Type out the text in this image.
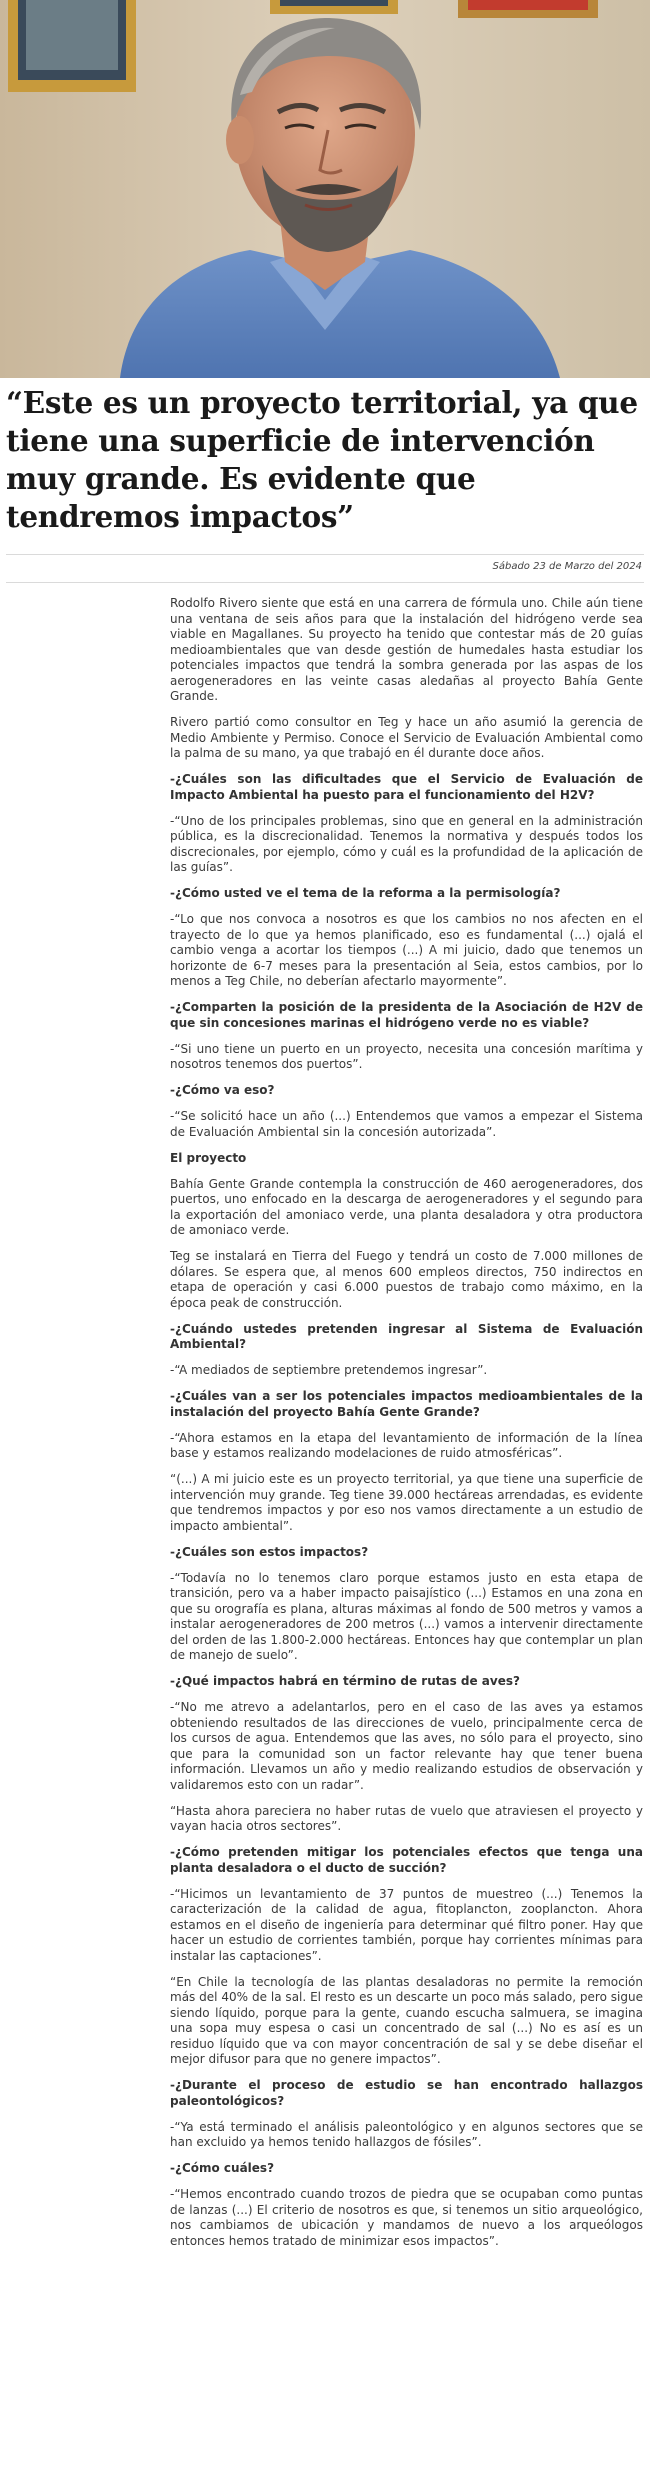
“Este es un proyecto territorial, ya que tiene una superficie de intervención muy grande. Es evidente que tendremos impactos”
Sábado 23 de Marzo del 2024

Rodolfo Rivero siente que está en una carrera de fórmula uno. Chile aún tiene una ventana de seis años para que la instalación del hidrógeno verde sea viable en Magallanes. Su proyecto ha tenido que contestar más de 20 guías medioambientales que van desde gestión de humedales hasta estudiar los potenciales impactos que tendrá la sombra generada por las aspas de los aerogeneradores en las veinte casas aledañas al proyecto Bahía Gente Grande.

Rivero partió como consultor en Teg y hace un año asumió la gerencia de Medio Ambiente y Permiso. Conoce el Servicio de Evaluación Ambiental como la palma de su mano, ya que trabajó en él durante doce años.

-¿Cuáles son las dificultades que el Servicio de Evaluación de Impacto Ambiental ha puesto para el funcionamiento del H2V?

-“Uno de los principales problemas, sino que en general en la administración pública, es la discrecionalidad. Tenemos la normativa y después todos los discrecionales, por ejemplo, cómo y cuál es la profundidad de la aplicación de las guías”.

-¿Cómo usted ve el tema de la reforma a la permisología?

-“Lo que nos convoca a nosotros es que los cambios no nos afecten en el trayecto de lo que ya hemos planificado, eso es fundamental (...) ojalá el cambio venga a acortar los tiempos (...) A mi juicio, dado que tenemos un horizonte de 6-7 meses para la presentación al Seia, estos cambios, por lo menos a Teg Chile, no deberían afectarlo mayormente”.

-¿Comparten la posición de la presidenta de la Asociación de H2V de que sin concesiones marinas el hidrógeno verde no es viable?

-“Si uno tiene un puerto en un proyecto, necesita una concesión marítima y nosotros tenemos dos puertos”.

-¿Cómo va eso?

-“Se solicitó hace un año (...) Entendemos que vamos a empezar el Sistema de Evaluación Ambiental sin la concesión autorizada”.

El proyecto

Bahía Gente Grande contempla la construcción de 460 aerogeneradores, dos puertos, uno enfocado en la descarga de aerogeneradores y el segundo para la exportación del amoniaco verde, una planta desaladora y otra productora de amoniaco verde.

Teg se instalará en Tierra del Fuego y tendrá un costo de 7.000 millones de dólares. Se espera que, al menos 600 empleos directos, 750 indirectos en etapa de operación y casi 6.000 puestos de trabajo como máximo, en la época peak de construcción.

-¿Cuándo ustedes pretenden ingresar al Sistema de Evaluación Ambiental?

-“A mediados de septiembre pretendemos ingresar”.

-¿Cuáles van a ser los potenciales impactos medioambientales de la instalación del proyecto Bahía Gente Grande?

-“Ahora estamos en la etapa del levantamiento de información de la línea base y estamos realizando modelaciones de ruido atmosféricas”.

“(...) A mi juicio este es un proyecto territorial, ya que tiene una superficie de intervención muy grande. Teg tiene 39.000 hectáreas arrendadas, es evidente que tendremos impactos y por eso nos vamos directamente a un estudio de impacto ambiental”.

-¿Cuáles son estos impactos?

-“Todavía no lo tenemos claro porque estamos justo en esta etapa de transición, pero va a haber impacto paisajístico (...) Estamos en una zona en que su orografía es plana, alturas máximas al fondo de 500 metros y vamos a instalar aerogeneradores de 200 metros (...) vamos a intervenir directamente del orden de las 1.800-2.000 hectáreas. Entonces hay que contemplar un plan de manejo de suelo”.

-¿Qué impactos habrá en término de rutas de aves?

-“No me atrevo a adelantarlos, pero en el caso de las aves ya estamos obteniendo resultados de las direcciones de vuelo, principalmente cerca de los cursos de agua. Entendemos que las aves, no sólo para el proyecto, sino que para la comunidad son un factor relevante hay que tener buena información. Llevamos un año y medio realizando estudios de observación y validaremos esto con un radar”.

“Hasta ahora pareciera no haber rutas de vuelo que atraviesen el proyecto y vayan hacia otros sectores”.

-¿Cómo pretenden mitigar los potenciales efectos que tenga una planta desaladora o el ducto de succión?

-“Hicimos un levantamiento de 37 puntos de muestreo (...) Tenemos la caracterización de la calidad de agua, fitoplancton, zooplancton. Ahora estamos en el diseño de ingeniería para determinar qué filtro poner. Hay que hacer un estudio de corrientes también, porque hay corrientes mínimas para instalar las captaciones”.

“En Chile la tecnología de las plantas desaladoras no permite la remoción más del 40% de la sal. El resto es un descarte un poco más salado, pero sigue siendo líquido, porque para la gente, cuando escucha salmuera, se imagina una sopa muy espesa o casi un concentrado de sal (...) No es así es un residuo líquido que va con mayor concentración de sal y se debe diseñar el mejor difusor para que no genere impactos”.

-¿Durante el proceso de estudio se han encontrado hallazgos paleontológicos?

-“Ya está terminado el análisis paleontológico y en algunos sectores que se han excluido ya hemos tenido hallazgos de fósiles”.

-¿Cómo cuáles?

-“Hemos encontrado cuando trozos de piedra que se ocupaban como puntas de lanzas (...) El criterio de nosotros es que, si tenemos un sitio arqueológico, nos cambiamos de ubicación y mandamos de nuevo a los arqueólogos entonces hemos tratado de minimizar esos impactos”.
